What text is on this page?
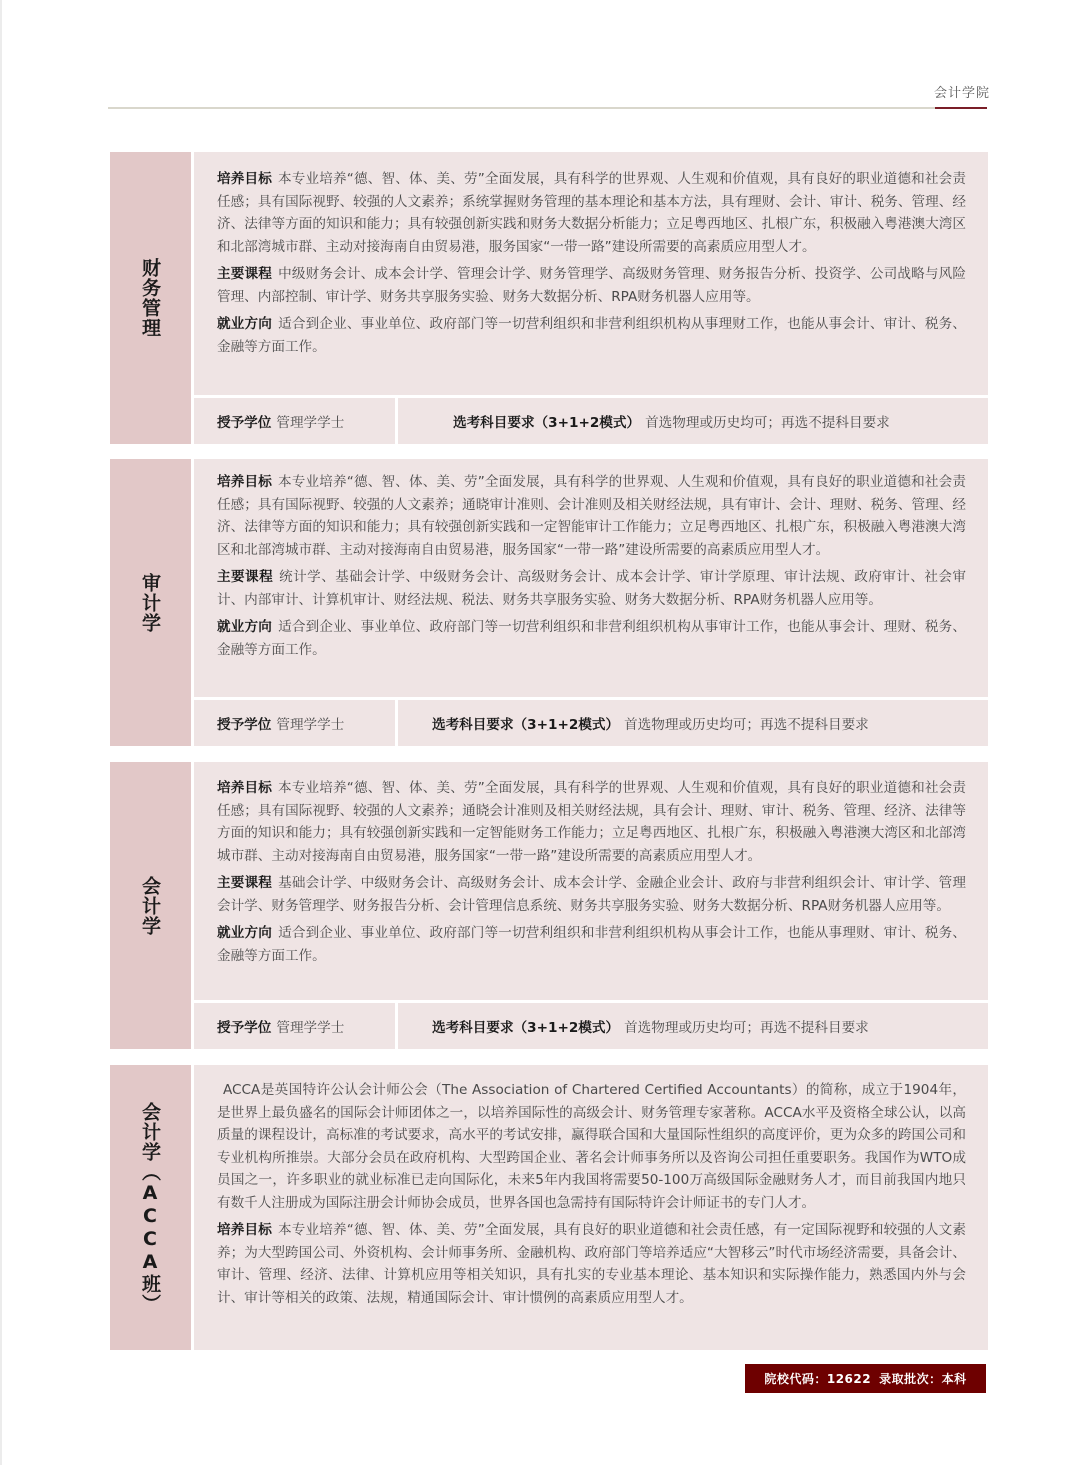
会计学院
财务管理

培养目标 本专业培养“德、智、体、美、劳”全面发展，具有科学的世界观、人生观和价值观，具有良好的职业道德和社会责任感；具有国际视野、较强的人文素养；系统掌握财务管理的基本理论和基本方法，具有理财、会计、审计、税务、管理、经济、法律等方面的知识和能力；具有较强创新实践和财务大数据分析能力；立足粤西地区、扎根广东，积极融入粤港澳大湾区和北部湾城市群、主动对接海南自由贸易港，服务国家“一带一路”建设所需要的高素质应用型人才。

主要课程 中级财务会计、成本会计学、管理会计学、财务管理学、高级财务管理、财务报告分析、投资学、公司战略与风险管理、内部控制、审计学、财务共享服务实验、财务大数据分析、RPA财务机器人应用等。

就业方向 适合到企业、事业单位、政府部门等一切营利组织和非营利组织机构从事理财工作，也能从事会计、审计、税务、金融等方面工作。

授予学位 管理学学士	选考科目要求（3+1+2模式） 首选物理或历史均可；再选不提科目要求
审计学

培养目标 本专业培养“德、智、体、美、劳”全面发展，具有科学的世界观、人生观和价值观，具有良好的职业道德和社会责任感；具有国际视野、较强的人文素养；通晓审计准则、会计准则及相关财经法规，具有审计、会计、理财、税务、管理、经济、法律等方面的知识和能力；具有较强创新实践和一定智能审计工作能力；立足粤西地区、扎根广东，积极融入粤港澳大湾区和北部湾城市群、主动对接海南自由贸易港，服务国家“一带一路”建设所需要的高素质应用型人才。

主要课程 统计学、基础会计学、中级财务会计、高级财务会计、成本会计学、审计学原理、审计法规、政府审计、社会审计、内部审计、计算机审计、财经法规、税法、财务共享服务实验、财务大数据分析、RPA财务机器人应用等。

就业方向 适合到企业、事业单位、政府部门等一切营利组织和非营利组织机构从事审计工作，也能从事会计、理财、税务、金融等方面工作。

授予学位 管理学学士	选考科目要求（3+1+2模式） 首选物理或历史均可；再选不提科目要求
会计学

培养目标 本专业培养“德、智、体、美、劳”全面发展，具有科学的世界观、人生观和价值观，具有良好的职业道德和社会责任感；具有国际视野、较强的人文素养；通晓会计准则及相关财经法规，具有会计、理财、审计、税务、管理、经济、法律等方面的知识和能力；具有较强创新实践和一定智能财务工作能力；立足粤西地区、扎根广东，积极融入粤港澳大湾区和北部湾城市群、主动对接海南自由贸易港，服务国家“一带一路”建设所需要的高素质应用型人才。

主要课程 基础会计学、中级财务会计、高级财务会计、成本会计学、金融企业会计、政府与非营利组织会计、审计学、管理会计学、财务管理学、财务报告分析、会计管理信息系统、财务共享服务实验、财务大数据分析、RPA财务机器人应用等。

就业方向 适合到企业、事业单位、政府部门等一切营利组织和非营利组织机构从事会计工作，也能从事理财、审计、税务、金融等方面工作。

授予学位 管理学学士	选考科目要求（3+1+2模式） 首选物理或历史均可；再选不提科目要求
会计学（ACCA班）

ACCA是英国特许公认会计师公会（The Association of Chartered Certified Accountants）的简称，成立于1904年，是世界上最负盛名的国际会计师团体之一，以培养国际性的高级会计、财务管理专家著称。ACCA水平及资格全球公认，以高质量的课程设计，高标准的考试要求，高水平的考试安排，赢得联合国和大量国际性组织的高度评价，更为众多的跨国公司和专业机构所推崇。大部分会员在政府机构、大型跨国企业、著名会计师事务所以及咨询公司担任重要职务。我国作为WTO成员国之一，许多职业的就业标准已走向国际化，未来5年内我国将需要50-100万高级国际金融财务人才，而目前我国内地只有数千人注册成为国际注册会计师协会成员，世界各国也急需持有国际特许会计师证书的专门人才。

培养目标 本专业培养“德、智、体、美、劳”全面发展，具有良好的职业道德和社会责任感，有一定国际视野和较强的人文素养；为大型跨国公司、外资机构、会计师事务所、金融机构、政府部门等培养适应“大智移云”时代市场经济需要，具备会计、审计、管理、经济、法律、计算机应用等相关知识，具有扎实的专业基本理论、基本知识和实际操作能力，熟悉国内外与会计、审计等相关的政策、法规，精通国际会计、审计惯例的高素质应用型人才。

院校代码：12622 录取批次：本科
